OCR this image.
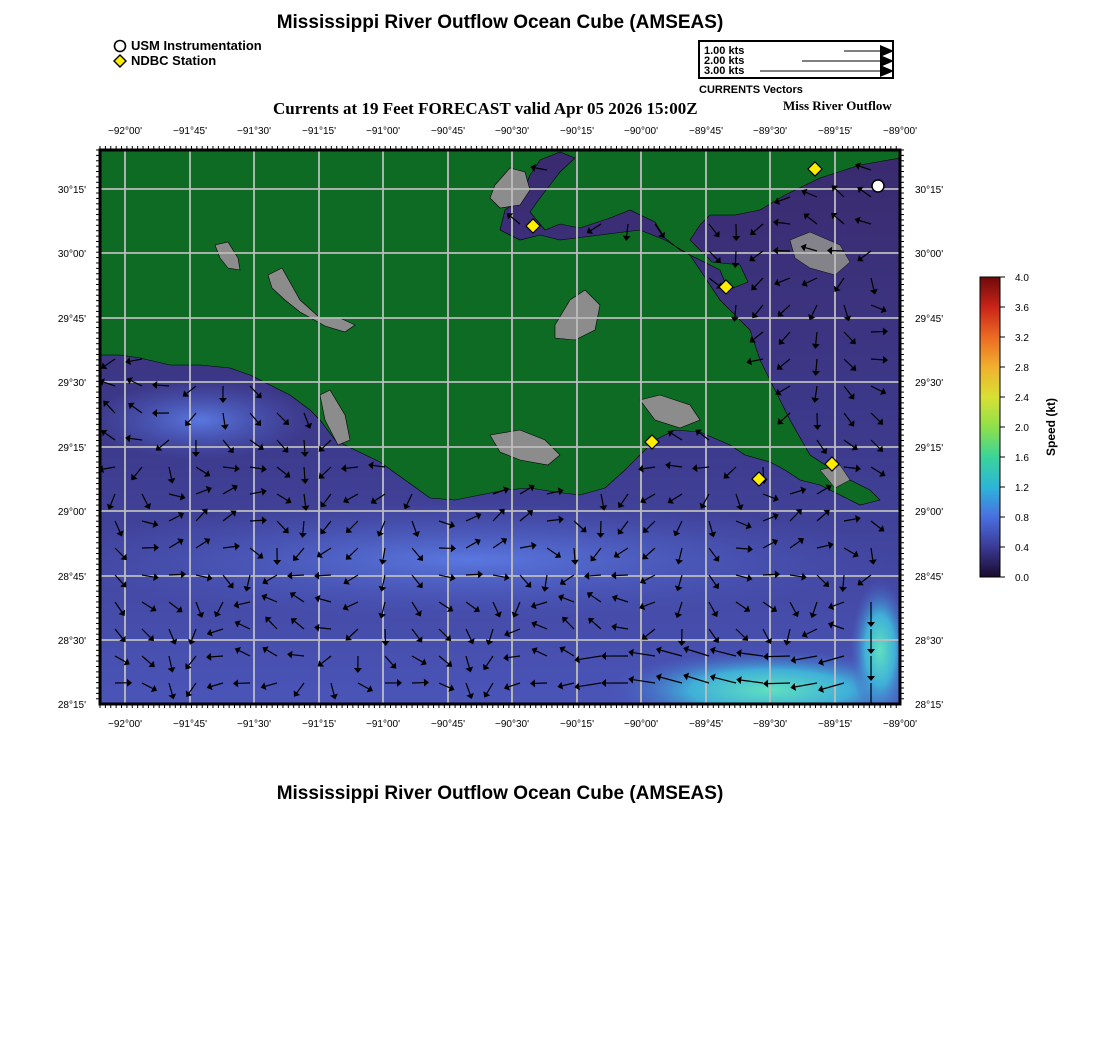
Mississippi River Outflow Ocean Cube (AMSEAS)
USM Instrumentation
NDBC Station
1.00 kts
2.00 kts
3.00 kts
CURRENTS Vectors
Currents at 19 Feet FORECAST valid Apr 05 2026 15:00Z	Miss River Outflow
−92°00'	−91°45'	−91°30'	−91°15'	−91°00'	−90°45'	−90°30'	−90°15'	−90°00'	−89°45'	−89°30'	−89°15'	−89°00'
−92°00'	−91°45'	−91°30'	−91°15'	−91°00'	−90°45'	−90°30'	−90°15'	−90°00'	−89°45'	−89°30'	−89°15'	−89°00'
30°15'
30°00'
29°45'
29°30'
29°15'
29°00'
28°45'
28°30'
28°15'
30°15'
30°00'
29°45'
29°30'
29°15'
29°00'
28°45'
28°30'
28°15'
4.0
3.6
3.2
2.8
2.4
2.0
1.6
1.2
0.8
0.4
0.0
Speed (kt)
Mississippi River Outflow Ocean Cube (AMSEAS)
